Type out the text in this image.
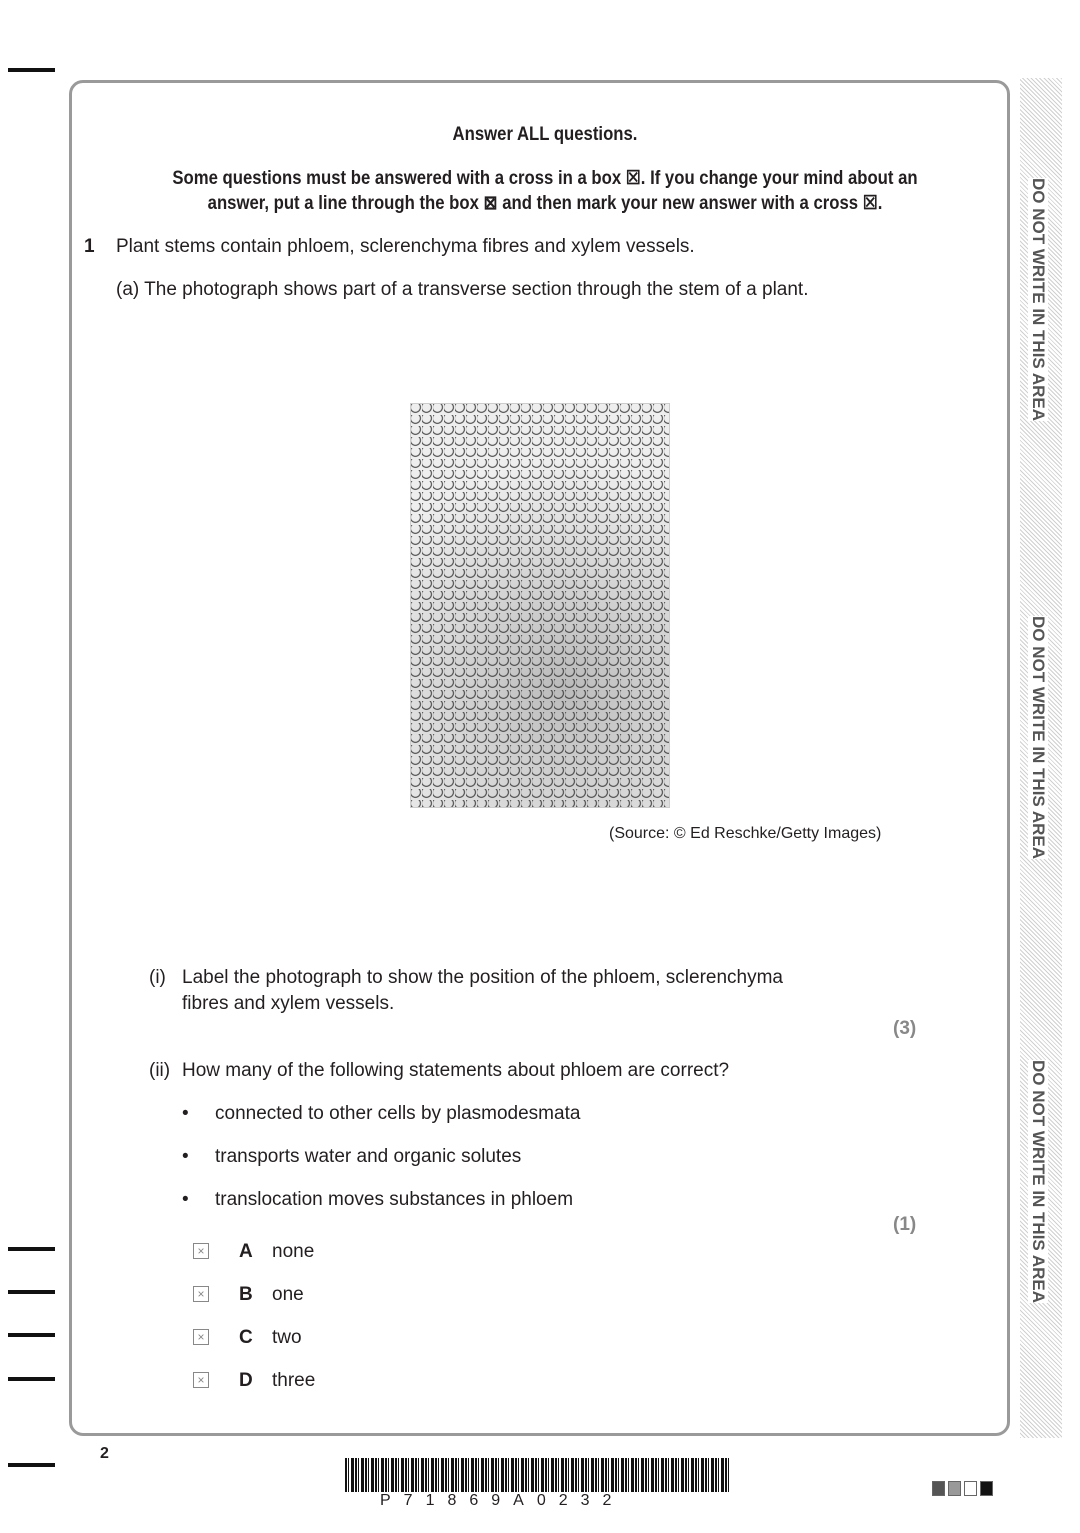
DO NOT WRITE IN THIS AREA
DO NOT WRITE IN THIS AREA
DO NOT WRITE IN THIS AREA
Answer ALL questions.
Some questions must be answered with a cross in a box ☒. If you change your mind about an
answer, put a line through the box ⊠ and then mark your new answer with a cross ☒.
1 Plant stems contain phloem, sclerenchyma fibres and xylem vessels.
(a) The photograph shows part of a transverse section through the stem of a plant.
(Source: © Ed Reschke/Getty Images)
(i) Label the photograph to show the position of the phloem, sclerenchyma
fibres and xylem vessels.
(3)
(ii) How many of the following statements about phloem are correct?
• connected to other cells by plasmodesmata
• transports water and organic solutes
• translocation moves substances in phloem
(1)
× A none
× B one
× C two
× D three
2
P71869A0232
